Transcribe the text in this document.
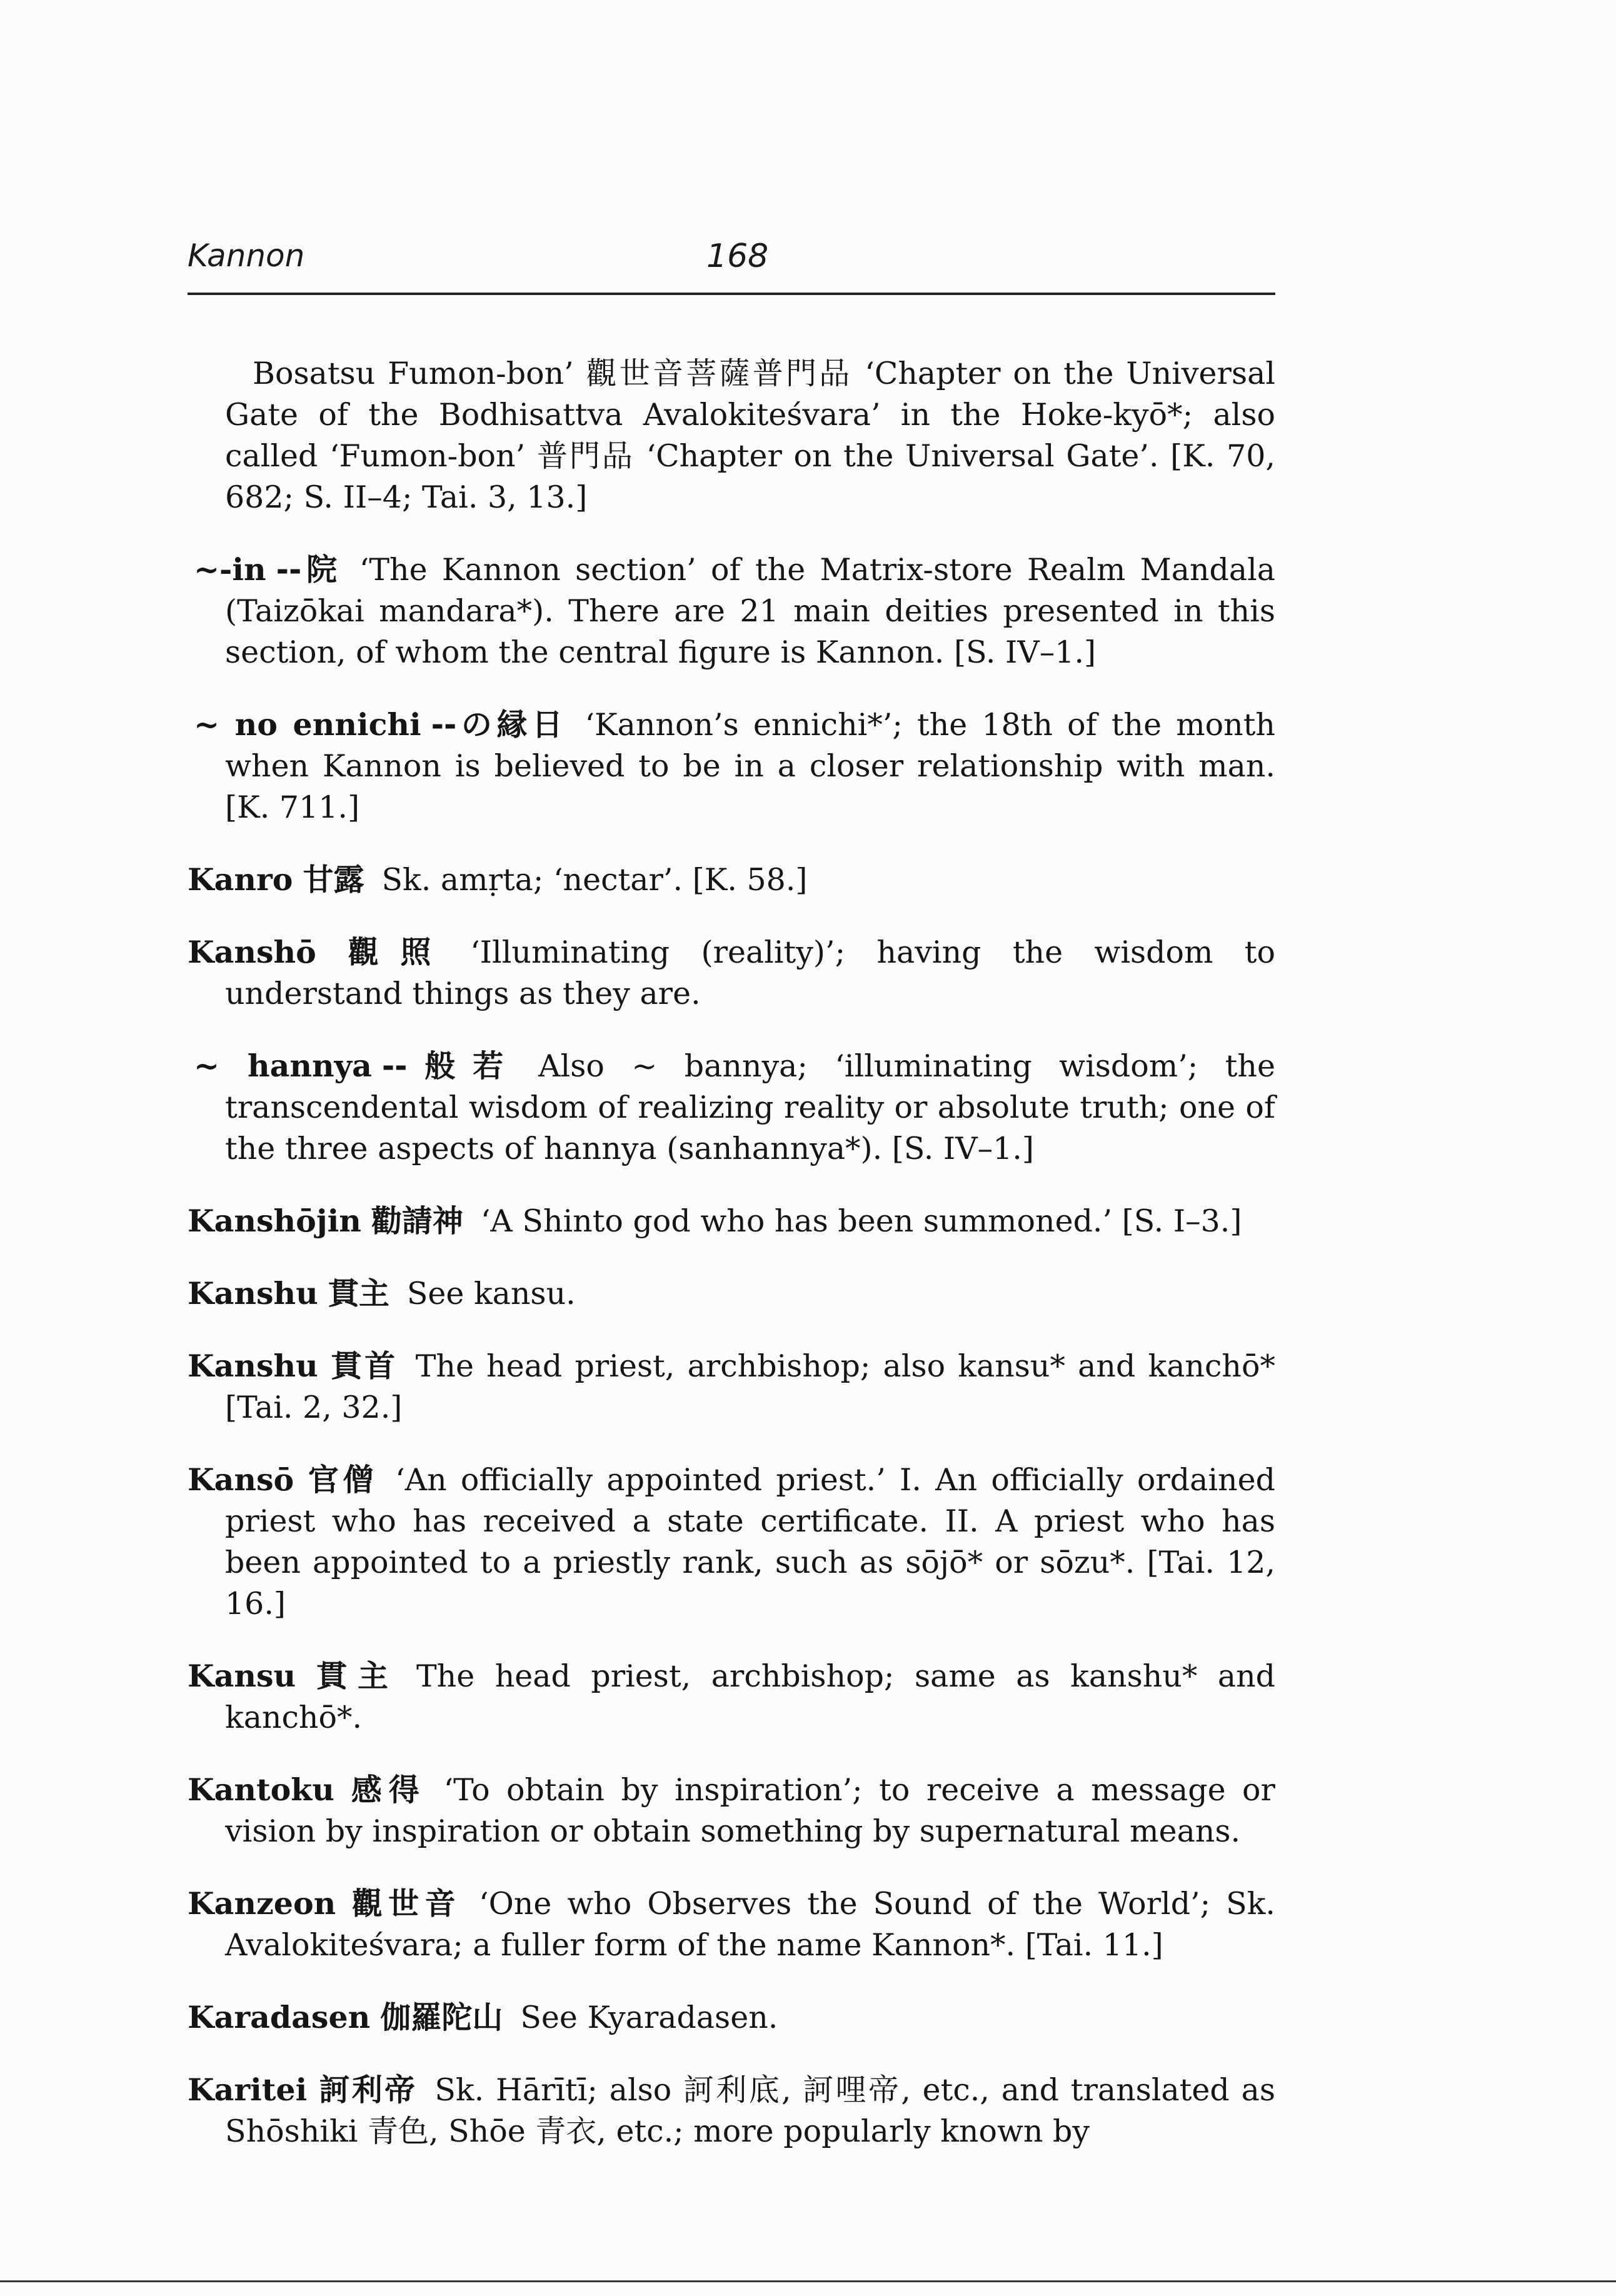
Kannon	168

Bosatsu Fumon-bon’ 觀世音菩薩普門品 ‘Chapter on the Universal Gate of the Bodhisattva Avalokiteśvara’ in the Hoke-kyō*; also called ‘Fumon-bon’ 普門品 ‘Chapter on the Universal Gate’. [K. 70, 682; S. II–4; Tai. 3, 13.]

~-in --院 ‘The Kannon section’ of the Matrix-store Realm Mandala (Taizōkai mandara*). There are 21 main deities presented in this section, of whom the central figure is Kannon. [S. IV–1.]

~ no ennichi --の縁日 ‘Kannon’s ennichi*’; the 18th of the month when Kannon is believed to be in a closer relationship with man. [K. 711.]

Kanro 甘露 Sk. amṛta; ‘nectar’. [K. 58.]

Kanshō 觀照 ‘Illuminating (reality)’; having the wisdom to understand things as they are.

~ hannya --般若 Also ~ bannya; ‘illuminating wisdom’; the transcendental wisdom of realizing reality or absolute truth; one of the three aspects of hannya (sanhannya*). [S. IV–1.]

Kanshōjin 勸請神 ‘A Shinto god who has been summoned.’ [S. I–3.]

Kanshu 貫主 See kansu.

Kanshu 貫首 The head priest, archbishop; also kansu* and kanchō* [Tai. 2, 32.]

Kansō 官僧 ‘An officially appointed priest.’ I. An officially ordained priest who has received a state certificate. II. A priest who has been appointed to a priestly rank, such as sōjō* or sōzu*. [Tai. 12, 16.]

Kansu 貫主 The head priest, archbishop; same as kanshu* and kanchō*.

Kantoku 感得 ‘To obtain by inspiration’; to receive a message or vision by inspiration or obtain something by supernatural means.

Kanzeon 觀世音 ‘One who Observes the Sound of the World’; Sk. Avalokiteśvara; a fuller form of the name Kannon*. [Tai. 11.]

Karadasen 伽羅陀山 See Kyaradasen.

Karitei 訶利帝 Sk. Hārītī; also 訶利底, 訶哩帝, etc., and translated as Shōshiki 青色, Shōe 青衣, etc.; more popularly known by
